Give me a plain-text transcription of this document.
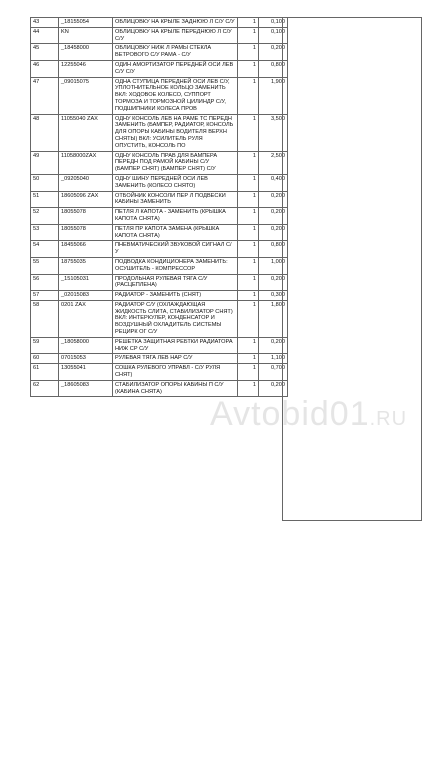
43	_18155054	ОБЛИЦОВКУ НА КРЫЛЕ ЗАДНЮЮ Л С/У С/У	1	0,100
44	KN	ОБЛИЦОВКУ НА КРЫЛЕ ПЕРЕДНЮЮ Л С/У С/У	1	0,100
45	_18458000	ОБЛИЦОВКУ НИЖ Л РАМЫ СТЕКЛА ВЕТРОВОГО С/У РАМА - С/У	1	0,200
46	12255046	ОДИН АМОРТИЗАТОР ПЕРЕДНЕЙ ОСИ ЛЕВ С/У С/У	1	0,800
47	_09015075	ОДНА СТУПИЦА ПЕРЕДНЕЙ ОСИ ЛЕВ С/У, УПЛОТНИТЕЛЬНОЕ КОЛЬЦО ЗАМЕНИТЬ ВКЛ: ХОДОВОЕ КОЛЕСО, СУППОРТ ТОРМОЗА И ТОРМОЗНОЙ ЦИЛИНДР С/У, ПОДШИПНИКИ КОЛЕСА ПРОВ	1	1,900
48	11055040 ZAX	ОДНУ КОНСОЛЬ ЛЕВ НА РАМЕ ТС ПЕРЕДН ЗАМЕНИТЬ (БАМПЕР, РАДИАТОР, КОНСОЛЬ ДЛЯ ОПОРЫ КАБИНЫ ВОДИТЕЛЯ ВЕРХН СНЯТЫ) ВКЛ: УСИЛИТЕЛЬ РУЛЯ ОПУСТИТЬ, КОНСОЛЬ ПО	1	3,500
49	11058000ZAX	ОДНУ КОНСОЛЬ ПРАВ ДЛЯ БАМПЕРА ПЕРЕДН ПОД РАМОЙ КАБИНЫ С/У (БАМПЕР СНЯТ) (БАМПЕР СНЯТ) С/У	1	2,500
50	_09205040	ОДНУ ШИНУ ПЕРЕДНЕЙ ОСИ ЛЕВ ЗАМЕНИТЬ (КОЛЕСО СНЯТО)	1	0,400
51	18605096 ZAX	ОТБОЙНИК КОНСОЛИ ПЕР Л ПОДВЕСКИ КАБИНЫ ЗАМЕНИТЬ	1	0,200
52	18055078	ПЕТЛЯ Л КАПОТА - ЗАМЕНИТЬ (КРЫШКА КАПОТА СНЯТА)	1	0,200
53	18055078	ПЕТЛЯ ПР КАПОТА ЗАМЕНА (КРЫШКА КАПОТА СНЯТА)	1	0,200
54	18455066	ПНЕВМАТИЧЕСКИЙ ЗВУКОВОЙ СИГНАЛ С/У	1	0,800
55	18755035	ПОДВОДКА КОНДИЦИОНЕРА ЗАМЕНИТЬ: ОСУШИТЕЛЬ - КОМПРЕССОР	1	1,000
56	_15105031	ПРОДОЛЬНАЯ РУЛЕВАЯ ТЯГА С/У (РАСЦЕПЛЕНА)	1	0,200
57	_02015083	РАДИАТОР - ЗАМЕНИТЬ (СНЯТ)	1	0,300
58	0201 ZAX	РАДИАТОР С/У (ОХЛАЖДАЮЩАЯ ЖИДКОСТЬ СЛИТА, СТАБИЛИЗАТОР СНЯТ) ВКЛ: ИНТЕРКУЛЕР, КОНДЕНСАТОР И ВОЗДУШНЫЙ ОХЛАДИТЕЛЬ СИСТЕМЫ РЕЦИРК ОГ С/У	1	1,800
59	_18058000	РЕШЕТКА ЗАЩИТНАЯ РЕБТКИ РАДИАТОРА НИЖ СР С/У	1	0,200
60	07015053	РУЛЕВАЯ ТЯГА ЛЕВ НАР С/У	1	1,100
61	13055041	СОШКА РУЛЕВОГО УПРАВЛ - С/У РУЛЯ СНЯТ)	1	0,700
62	_18605083	СТАБИЛИЗАТОР ОПОРЫ КАБИНЫ П С/У (КАБИНА СНЯТА)	1	0,200
Avtobid01.RU
